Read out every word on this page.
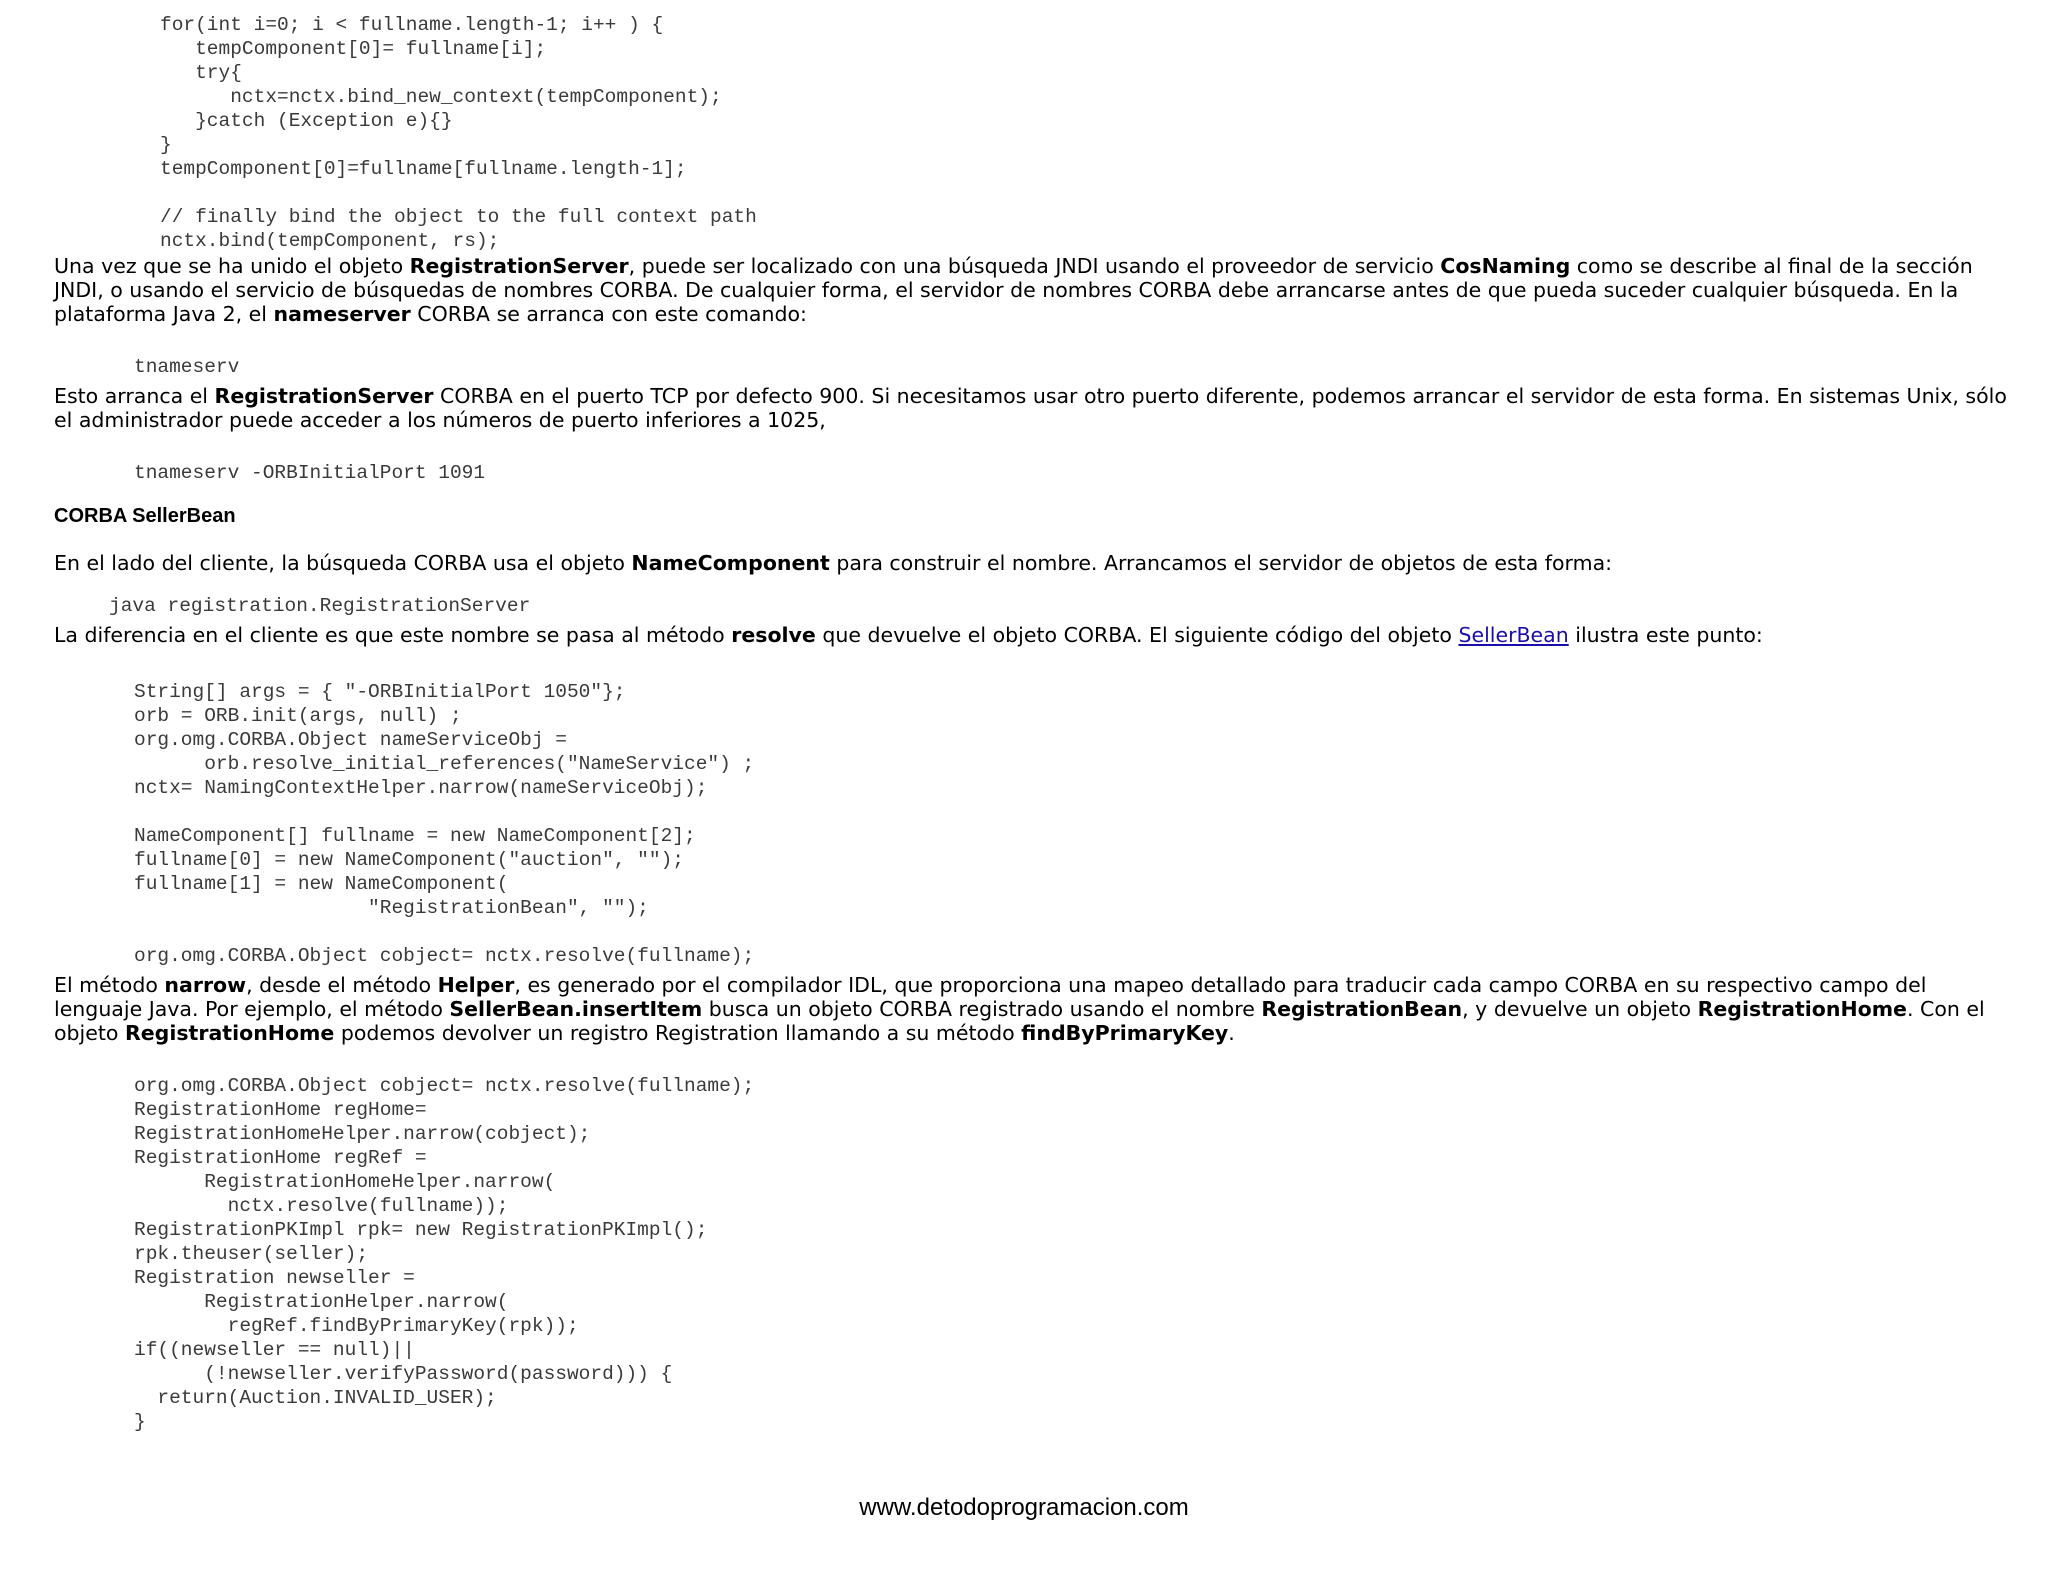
for(int i=0; i < fullname.length-1; i++ ) {
tempComponent[0]= fullname[i];
try{
nctx=nctx.bind_new_context(tempComponent);
}catch (Exception e){}
}
tempComponent[0]=fullname[fullname.length-1];

// finally bind the object to the full context path
nctx.bind(tempComponent, rs);

Una vez que se ha unido el objeto RegistrationServer, puede ser localizado con una búsqueda JNDI usando el proveedor de servicio CosNaming como se describe al final de la sección JNDI, o usando el servicio de búsquedas de nombres CORBA. De cualquier forma, el servidor de nombres CORBA debe arrancarse antes de que pueda suceder cualquier búsqueda. En la plataforma Java 2, el nameserver CORBA se arranca con este comando:

tnameserv

Esto arranca el RegistrationServer CORBA en el puerto TCP por defecto 900. Si necesitamos usar otro puerto diferente, podemos arrancar el servidor de esta forma. En sistemas Unix, sólo el administrador puede acceder a los números de puerto inferiores a 1025,

tnameserv -ORBInitialPort 1091
CORBA SellerBean

En el lado del cliente, la búsqueda CORBA usa el objeto NameComponent para construir el nombre. Arrancamos el servidor de objetos de esta forma:

java registration.RegistrationServer

La diferencia en el cliente es que este nombre se pasa al método resolve que devuelve el objeto CORBA. El siguiente código del objeto SellerBean ilustra este punto:

String[] args = { "-ORBInitialPort 1050"};
orb = ORB.init(args, null) ;
org.omg.CORBA.Object nameServiceObj =
orb.resolve_initial_references("NameService") ;
nctx= NamingContextHelper.narrow(nameServiceObj);

NameComponent[] fullname = new NameComponent[2];
fullname[0] = new NameComponent("auction", "");
fullname[1] = new NameComponent(
"RegistrationBean", "");

org.omg.CORBA.Object cobject= nctx.resolve(fullname);

El método narrow, desde el método Helper, es generado por el compilador IDL, que proporciona una mapeo detallado para traducir cada campo CORBA en su respectivo campo del lenguaje Java. Por ejemplo, el método SellerBean.insertItem busca un objeto CORBA registrado usando el nombre RegistrationBean, y devuelve un objeto RegistrationHome. Con el objeto RegistrationHome podemos devolver un registro Registration llamando a su método findByPrimaryKey.

org.omg.CORBA.Object cobject= nctx.resolve(fullname);
RegistrationHome regHome=
RegistrationHomeHelper.narrow(cobject);
RegistrationHome regRef =
RegistrationHomeHelper.narrow(
nctx.resolve(fullname));
RegistrationPKImpl rpk= new RegistrationPKImpl();
rpk.theuser(seller);
Registration newseller =
RegistrationHelper.narrow(
regRef.findByPrimaryKey(rpk));
if((newseller == null)||
(!newseller.verifyPassword(password))) {
return(Auction.INVALID_USER);
}
www.detodoprogramacion.com
